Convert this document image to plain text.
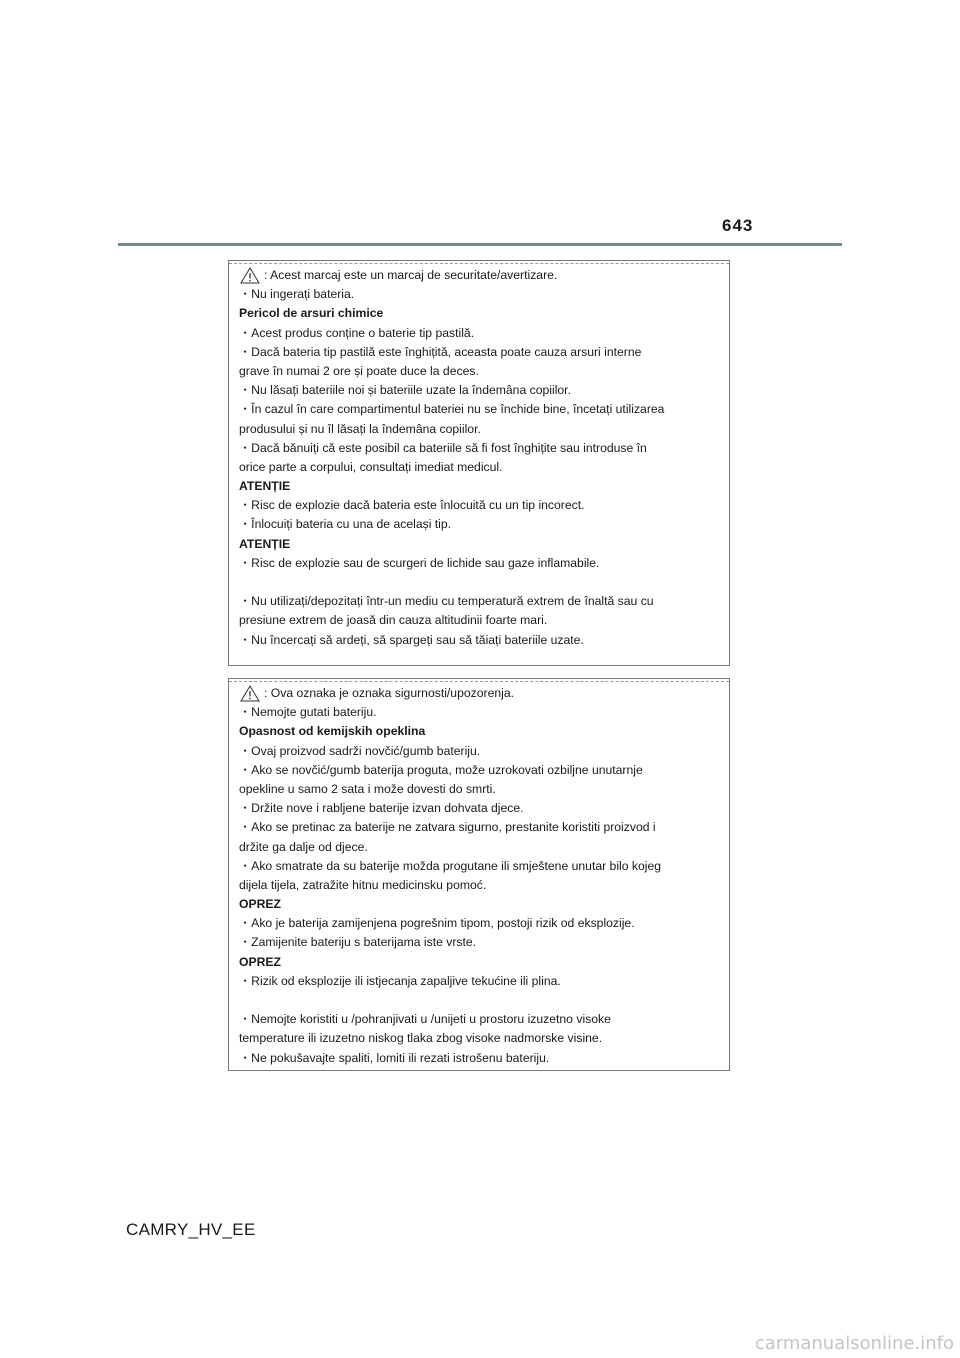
643
: Acest marcaj este un marcaj de securitate/avertizare.
・Nu ingerați bateria.
Pericol de arsuri chimice
・Acest produs conține o baterie tip pastilă.
・Dacă bateria tip pastilă este înghițită, aceasta poate cauza arsuri interne
grave în numai 2 ore și poate duce la deces.
・Nu lăsați bateriile noi și bateriile uzate la îndemâna copiilor.
・În cazul în care compartimentul bateriei nu se închide bine, încetați utilizarea
produsului și nu îl lăsați la îndemâna copiilor.
・Dacă bănuiți că este posibil ca bateriile să fi fost înghițite sau introduse în
orice parte a corpului, consultați imediat medicul.
ATENȚIE
・Risc de explozie dacă bateria este înlocuită cu un tip incorect.
・Înlocuiți bateria cu una de același tip.
ATENȚIE
・Risc de explozie sau de scurgeri de lichide sau gaze inflamabile.
・Nu utilizați/depozitați într-un mediu cu temperatură extrem de înaltă sau cu
presiune extrem de joasă din cauza altitudinii foarte mari.
・Nu încercați să ardeți, să spargeți sau să tăiați bateriile uzate.
: Ova oznaka je oznaka sigurnosti/upozorenja.
・Nemojte gutati bateriju.
Opasnost od kemijskih opeklina
・Ovaj proizvod sadrži novčić/gumb bateriju.
・Ako se novčić/gumb baterija proguta, može uzrokovati ozbiljne unutarnje
opekline u samo 2 sata i može dovesti do smrti.
・Držite nove i rabljene baterije izvan dohvata djece.
・Ako se pretinac za baterije ne zatvara sigurno, prestanite koristiti proizvod i
držite ga dalje od djece.
・Ako smatrate da su baterije možda progutane ili smještene unutar bilo kojeg
dijela tijela, zatražite hitnu medicinsku pomoć.
OPREZ
・Ako je baterija zamijenjena pogrešnim tipom, postoji rizik od eksplozije.
・Zamijenite bateriju s baterijama iste vrste.
OPREZ
・Rizik od eksplozije ili istjecanja zapaljive tekućine ili plina.
・Nemojte koristiti u /pohranjivati u /unijeti u prostoru izuzetno visoke
temperature ili izuzetno niskog tlaka zbog visoke nadmorske visine.
・Ne pokušavajte spaliti, lomiti ili rezati istrošenu bateriju.
CAMRY_HV_EE
carmanualsonline.info
